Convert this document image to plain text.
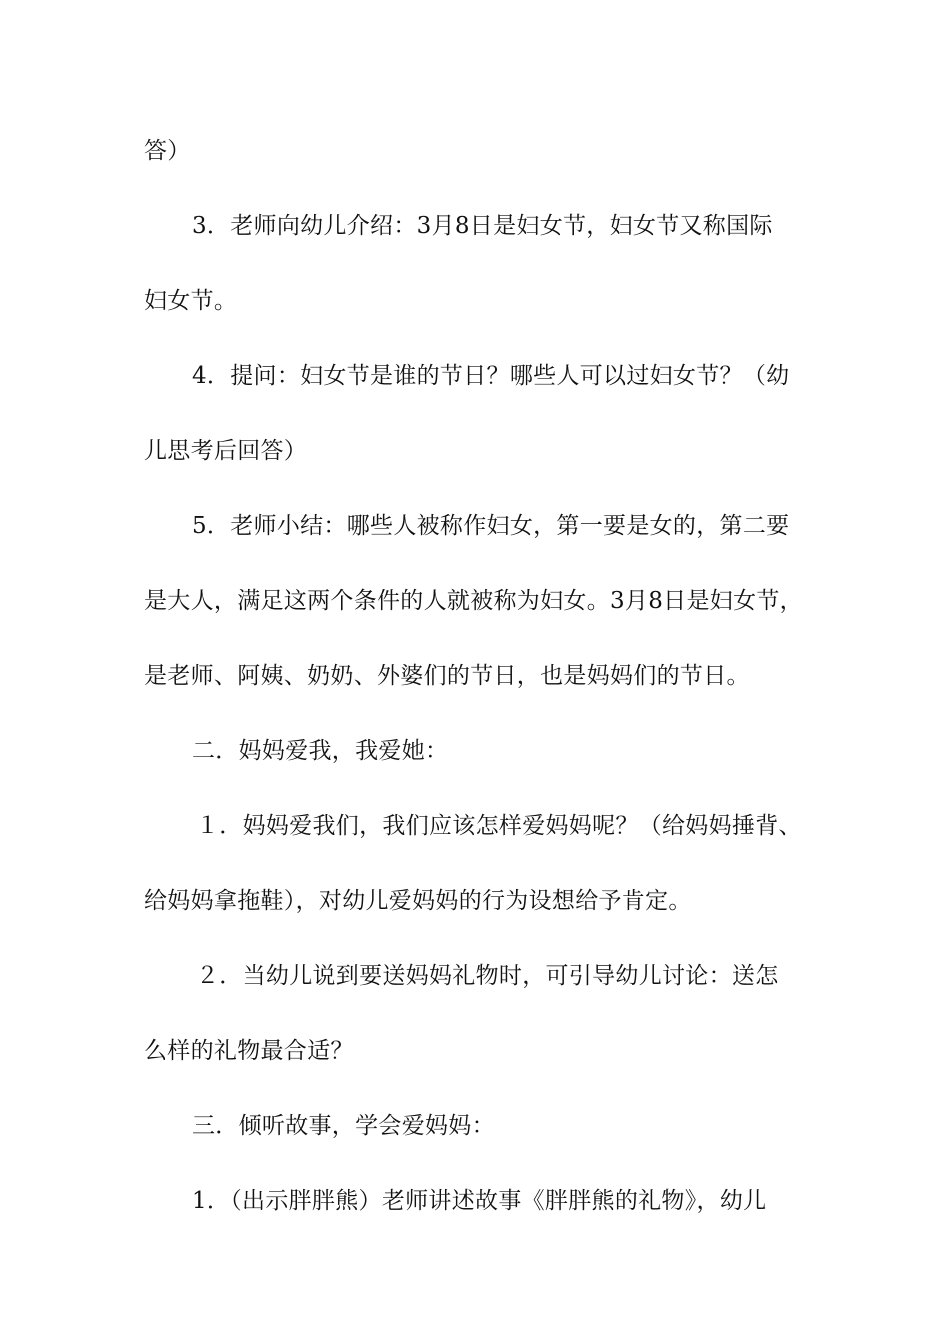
答）
3．老师向幼儿介绍：3月8日是妇女节，妇女节又称国际
妇女节。
4．提问：妇女节是谁的节日？哪些人可以过妇女节？（幼
儿思考后回答）
5．老师小结：哪些人被称作妇女，第一要是女的，第二要
是大人，满足这两个条件的人就被称为妇女。3月8日是妇女节，
是老师、阿姨、奶奶、外婆们的节日，也是妈妈们的节日。
二．妈妈爱我，我爱她：
１．妈妈爱我们，我们应该怎样爱妈妈呢？（给妈妈捶背、
给妈妈拿拖鞋），对幼儿爱妈妈的行为设想给予肯定。
２．当幼儿说到要送妈妈礼物时，可引导幼儿讨论：送怎
么样的礼物最合适？
三．倾听故事，学会爱妈妈：
1．（出示胖胖熊）老师讲述故事《胖胖熊的礼物》，幼儿
